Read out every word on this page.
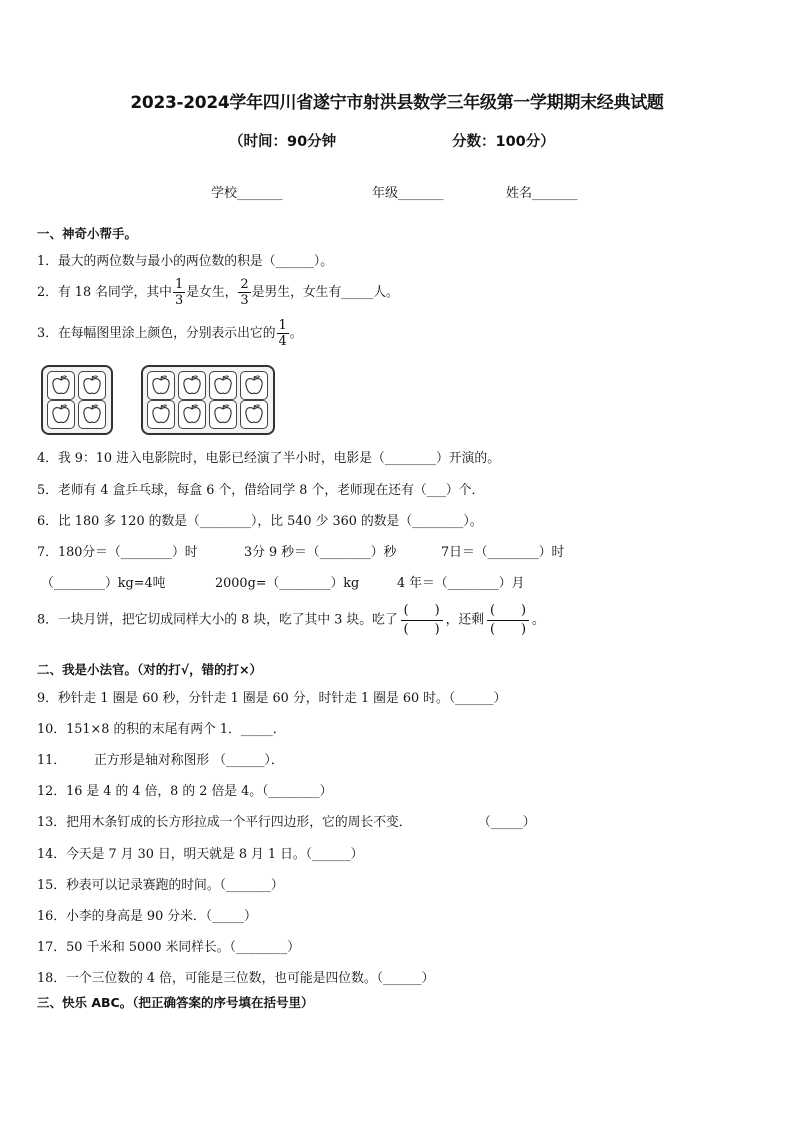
2023-2024学年四川省遂宁市射洪县数学三年级第一学期期末经典试题
（时间：90分钟	分数：100分）
学校_______	年级_______	姓名_______
一、神奇小帮手。
1．最大的两位数与最小的两位数的积是（______）。
2．有 18 名同学，其中 $\frac{1}{3}$ 是女生， $\frac{2}{3}$ 是男生，女生有_____人。
3．在每幅图里涂上颜色，分别表示出它的 $\frac{1}{4}$ 。
4．我 9：10 进入电影院时，电影已经演了半小时，电影是（________）开演的。
5．老师有 4 盒乒乓球，每盒 6 个，借给同学 8 个，老师现在还有（___）个．
6．比 180 多 120 的数是（________），比 540 少 360 的数是（________）。
7．180分＝（________）时	3分 9 秒＝（________）秒	7日＝（________）时
（________）kg=4吨	2000g=（________）kg	4 年＝（________）月
8．一块月饼，把它切成同样大小的 8 块，吃了其中 3 块。吃了
(　　)
(　　)
，还剩
(　　)
(　　)
。
二、我是小法官。（对的打√，错的打×）
9．秒针走 1 圈是 60 秒，分针走 1 圈是 60 分，时针走 1 圈是 60 时。（______）
10．151×8 的积的末尾有两个 1．_____．
11． 正方形是轴对称图形 （______）．
12．16 是 4 的 4 倍，8 的 2 倍是 4。（________）
13．把用木条钉成的长方形拉成一个平行四边形，它的周长不变．	（_____）
14．今天是 7 月 30 日，明天就是 8 月 1 日。（______）
15．秒表可以记录赛跑的时间。（_______）
16．小李的身高是 90 分米．（_____）
17．50 千米和 5000 米同样长。（________）
18．一个三位数的 4 倍，可能是三位数，也可能是四位数。（______）
三、快乐 ABC。（把正确答案的序号填在括号里）
